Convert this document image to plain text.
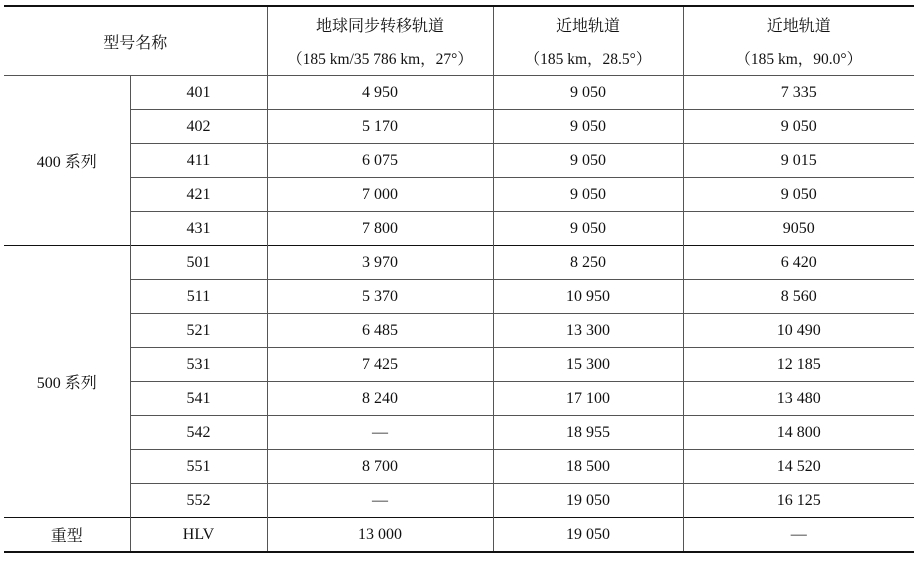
型号名称		地球同步转移轨道	近地轨道	近地轨道
		（185 km/35 786 km，27°）	（185 km，28.5°）	（185 km，90.0°）
400 系列	401	4 950	9 050	7 335
	402	5 170	9 050	9 050
	411	6 075	9 050	9 015
	421	7 000	9 050	9 050
	431	7 800	9 050	9050
500 系列	501	3 970	8 250	6 420
	511	5 370	10 950	8 560
	521	6 485	13 300	10 490
	531	7 425	15 300	12 185
	541	8 240	17 100	13 480
	542	—	18 955	14 800
	551	8 700	18 500	14 520
	552	—	19 050	16 125
重型	HLV	13 000	19 050	—
